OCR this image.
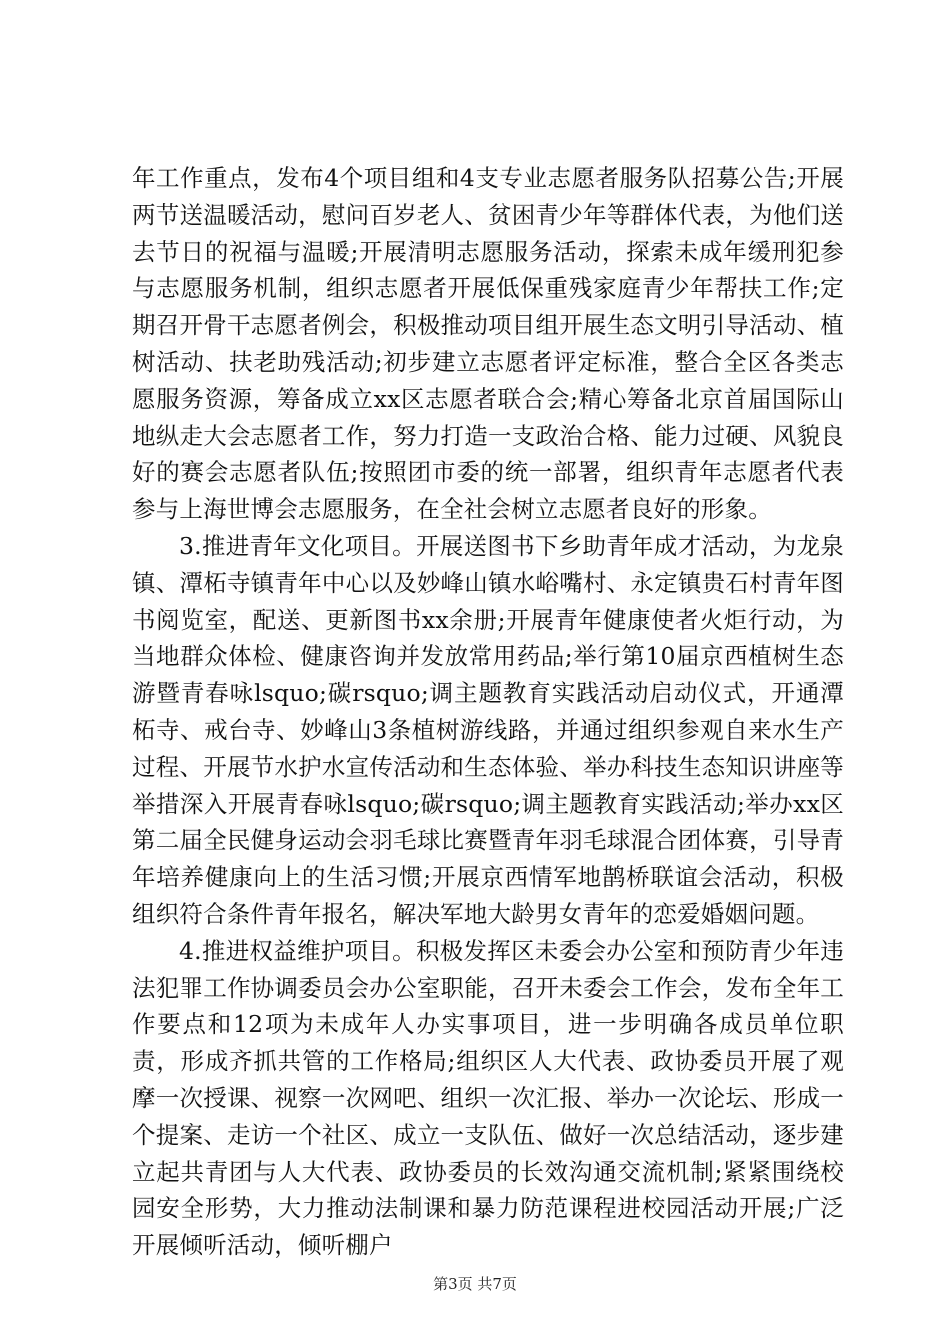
年工作重点，发布4个项目组和4支专业志愿者服务队招募公告;开展两节送温暖活动，慰问百岁老人、贫困青少年等群体代表，为他们送去节日的祝福与温暖;开展清明志愿服务活动，探索未成年缓刑犯参与志愿服务机制，组织志愿者开展低保重残家庭青少年帮扶工作;定期召开骨干志愿者例会，积极推动项目组开展生态文明引导活动、植树活动、扶老助残活动;初步建立志愿者评定标准，整合全区各类志愿服务资源，筹备成立xx区志愿者联合会;精心筹备北京首届国际山地纵走大会志愿者工作，努力打造一支政治合格、能力过硬、风貌良好的赛会志愿者队伍;按照团市委的统一部署，组织青年志愿者代表参与上海世博会志愿服务，在全社会树立志愿者良好的形象。

3.推进青年文化项目。开展送图书下乡助青年成才活动，为龙泉镇、潭柘寺镇青年中心以及妙峰山镇水峪嘴村、永定镇贵石村青年图书阅览室，配送、更新图书xx余册;开展青年健康使者火炬行动，为当地群众体检、健康咨询并发放常用药品;举行第10届京西植树生态游暨青春咏lsquo;碳rsquo;调主题教育实践活动启动仪式，开通潭柘寺、戒台寺、妙峰山3条植树游线路，并通过组织参观自来水生产过程、开展节水护水宣传活动和生态体验、举办科技生态知识讲座等举措深入开展青春咏lsquo;碳rsquo;调主题教育实践活动;举办xx区第二届全民健身运动会羽毛球比赛暨青年羽毛球混合团体赛，引导青年培养健康向上的生活习惯;开展京西情军地鹊桥联谊会活动，积极组织符合条件青年报名，解决军地大龄男女青年的恋爱婚姻问题。

4.推进权益维护项目。积极发挥区未委会办公室和预防青少年违法犯罪工作协调委员会办公室职能，召开未委会工作会，发布全年工作要点和12项为未成年人办实事项目，进一步明确各成员单位职责，形成齐抓共管的工作格局;组织区人大代表、政协委员开展了观摩一次授课、视察一次网吧、组织一次汇报、举办一次论坛、形成一个提案、走访一个社区、成立一支队伍、做好一次总结活动，逐步建立起共青团与人大代表、政协委员的长效沟通交流机制;紧紧围绕校园安全形势，大力推动法制课和暴力防范课程进校园活动开展;广泛开展倾听活动，倾听棚户

第3页 共7页
